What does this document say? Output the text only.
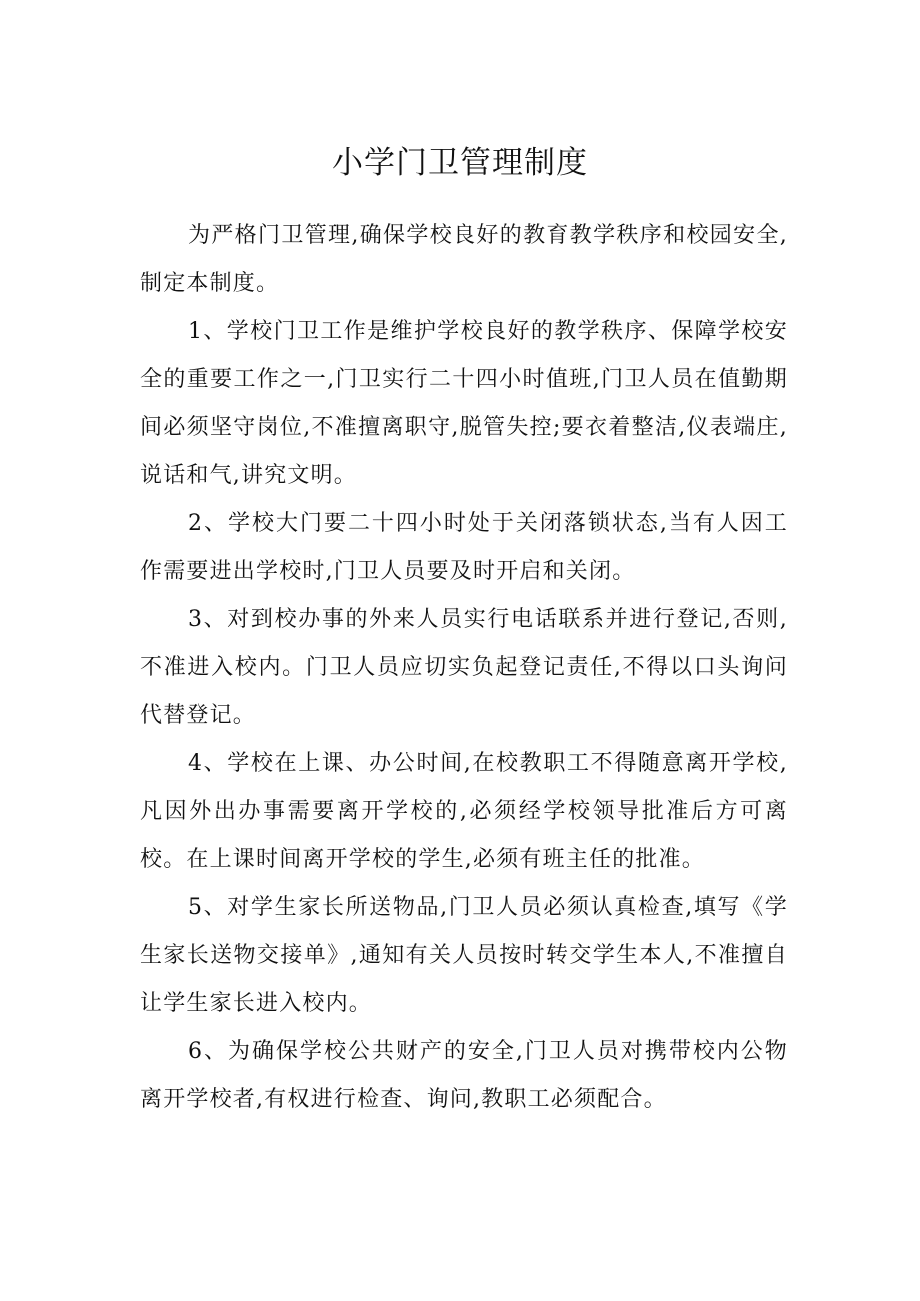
小学门卫管理制度

为严格门卫管理,确保学校良好的教育教学秩序和校园安全,制定本制度。

1、学校门卫工作是维护学校良好的教学秩序、保障学校安全的重要工作之一,门卫实行二十四小时值班,门卫人员在值勤期间必须坚守岗位,不准擅离职守,脱管失控;要衣着整洁,仪表端庄,说话和气,讲究文明。

2、学校大门要二十四小时处于关闭落锁状态,当有人因工作需要进出学校时,门卫人员要及时开启和关闭。

3、对到校办事的外来人员实行电话联系并进行登记,否则,不准进入校内。门卫人员应切实负起登记责任,不得以口头询问代替登记。

4、学校在上课、办公时间,在校教职工不得随意离开学校,凡因外出办事需要离开学校的,必须经学校领导批准后方可离校。在上课时间离开学校的学生,必须有班主任的批准。

5、对学生家长所送物品,门卫人员必须认真检查,填写《学生家长送物交接单》,通知有关人员按时转交学生本人,不准擅自让学生家长进入校内。

6、为确保学校公共财产的安全,门卫人员对携带校内公物离开学校者,有权进行检查、询问,教职工必须配合。
